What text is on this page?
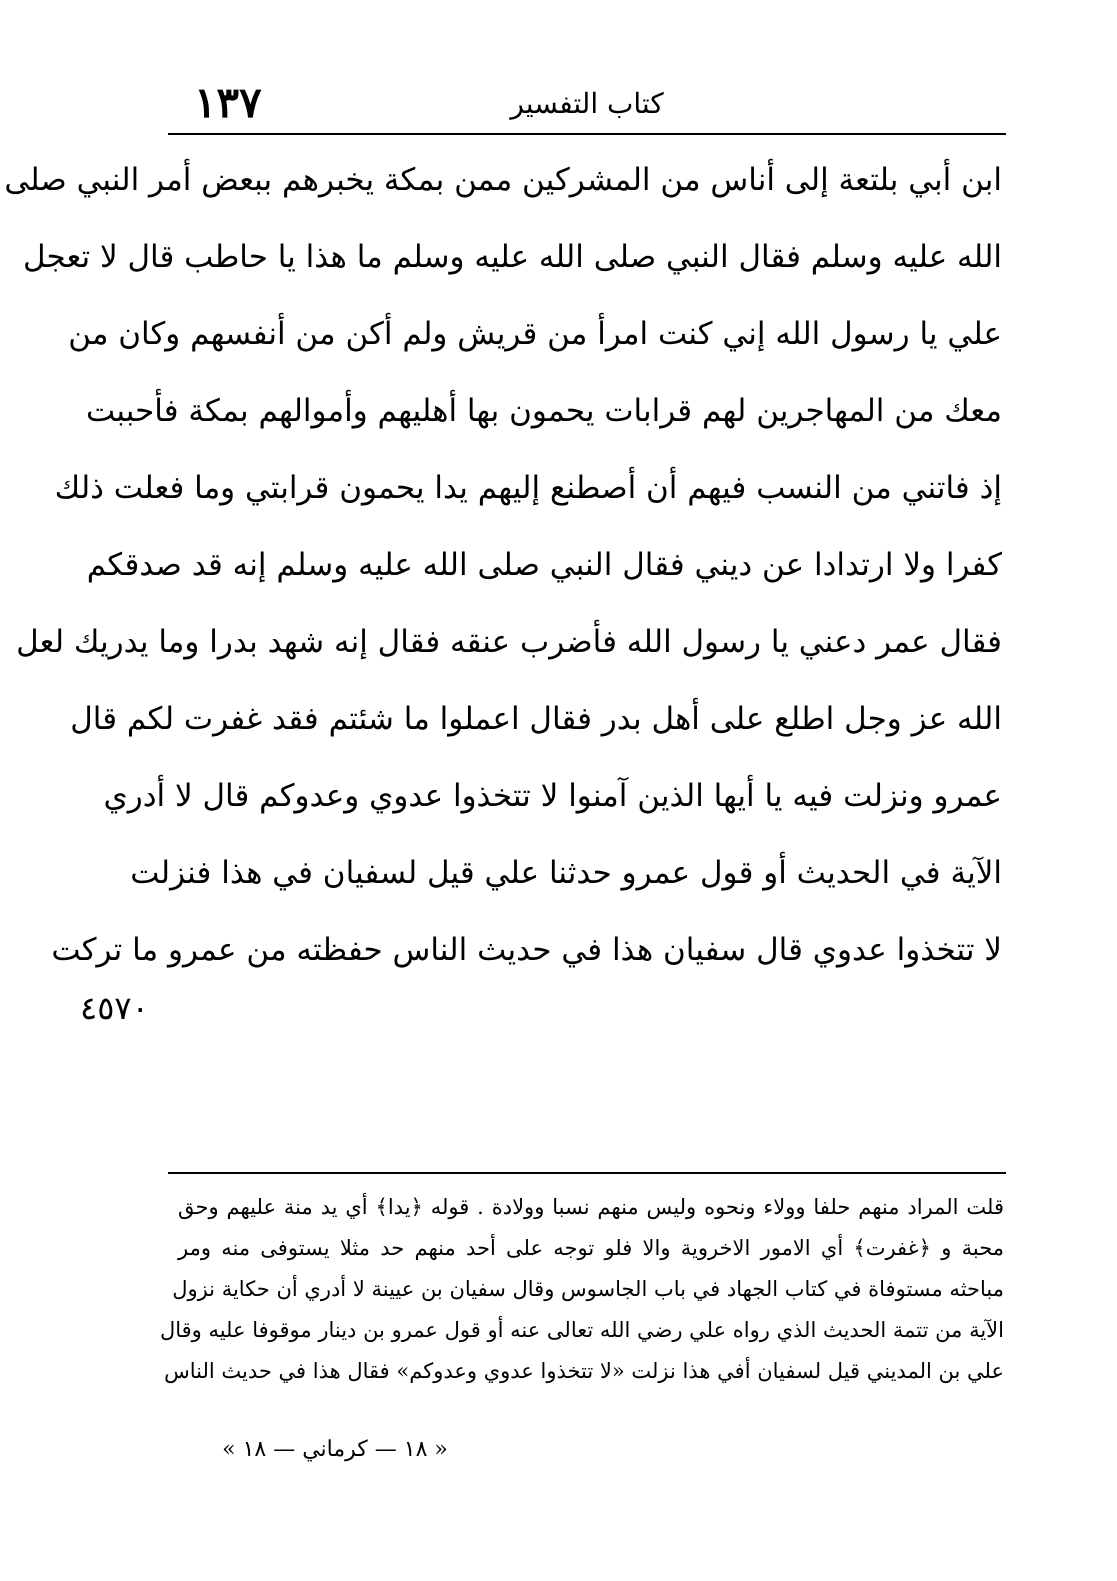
١٣٧	كتاب التفسير
ابن أبي بلتعة إلى أناس من المشركين ممن بمكة يخبرهم ببعض أمر النبي صلى
الله عليه وسلم فقال النبي صلى الله عليه وسلم ما هذا يا حاطب قال لا تعجل
علي يا رسول الله إني كنت امرأ من قريش ولم أكن من أنفسهم وكان من
معك من المهاجرين لهم قرابات يحمون بها أهليهم وأموالهم بمكة فأحببت
إذ فاتني من النسب فيهم أن أصطنع إليهم يدا يحمون قرابتي وما فعلت ذلك
كفرا ولا ارتدادا عن ديني فقال النبي صلى الله عليه وسلم إنه قد صدقكم
فقال عمر دعني يا رسول الله فأضرب عنقه فقال إنه شهد بدرا وما يدريك لعل
الله عز وجل اطلع على أهل بدر فقال اعملوا ما شئتم فقد غفرت لكم قال
عمرو ونزلت فيه يا أيها الذين آمنوا لا تتخذوا عدوي وعدوكم قال لا أدري
الآية في الحديث أو قول عمرو حدثنا علي قيل لسفيان في هذا فنزلت
لا تتخذوا عدوي قال سفيان هذا في حديث الناس حفظته من عمرو ما تركت
٤٥٧٠
قلت المراد منهم حلفا وولاء ونحوه وليس منهم نسبا وولادة . قوله ﴿يدا﴾ أي يد منة عليهم وحق
محبة و ﴿غفرت﴾ أي الامور الاخروية والا فلو توجه على أحد منهم حد مثلا يستوفى منه ومر
مباحثه مستوفاة في كتاب الجهاد في باب الجاسوس وقال سفيان بن عيينة لا أدري أن حكاية نزول
الآية من تتمة الحديث الذي رواه علي رضي الله تعالى عنه أو قول عمرو بن دينار موقوفا عليه وقال
علي بن المديني قيل لسفيان أفي هذا نزلت «لا تتخذوا عدوي وعدوكم» فقال هذا في حديث الناس
« ١٨ — كرماني — ١٨ »
